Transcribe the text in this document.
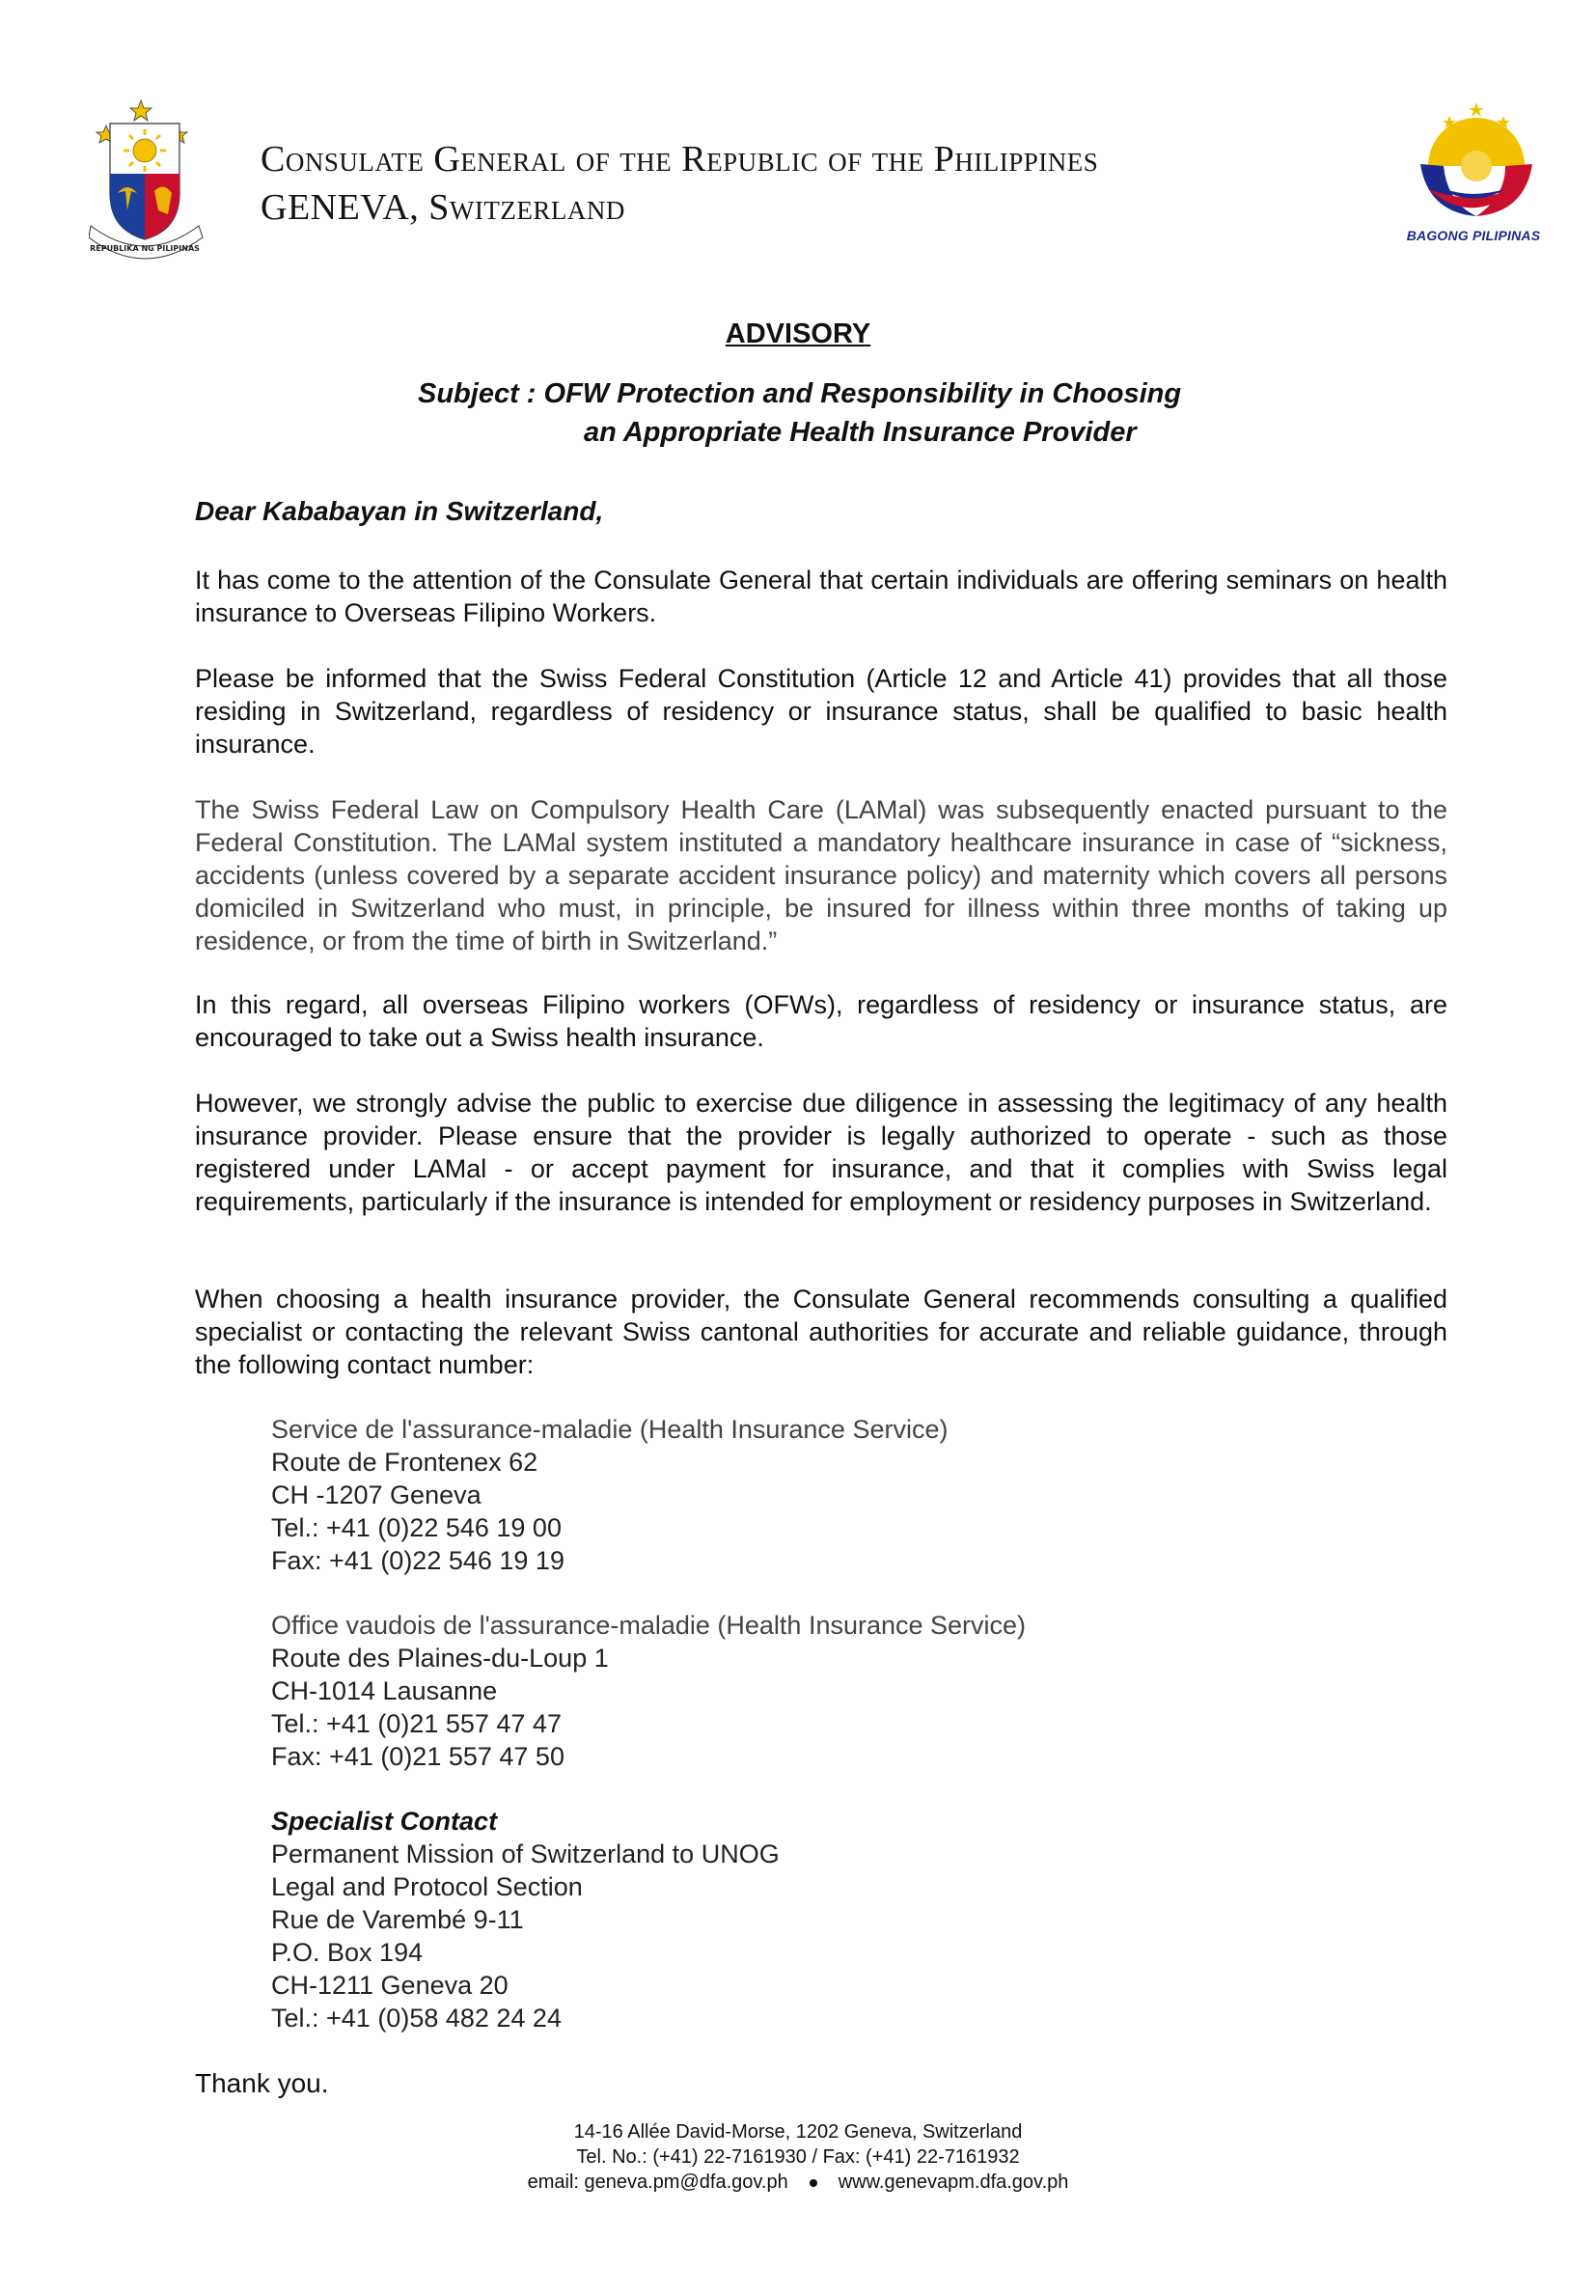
REPUBLIKA NG PILIPINAS
Consulate General of the Republic of the Philippines
GENEVA, Switzerland
BAGONG PILIPINAS
ADVISORY
Subject : OFW Protection and Responsibility in Choosing
an Appropriate Health Insurance Provider
Dear Kababayan in Switzerland,
It has come to the attention of the Consulate General that certain individuals are offering seminars on health insurance to Overseas Filipino Workers.
Please be informed that the Swiss Federal Constitution (Article 12 and Article 41) provides that all those residing in Switzerland, regardless of residency or insurance status, shall be qualified to basic health insurance.
The Swiss Federal Law on Compulsory Health Care (LAMal) was subsequently enacted pursuant to the Federal Constitution. The LAMal system instituted a mandatory healthcare insurance in case of “sickness, accidents (unless covered by a separate accident insurance policy) and maternity which covers all persons domiciled in Switzerland who must, in principle, be insured for illness within three months of taking up residence, or from the time of birth in Switzerland.”
In this regard, all overseas Filipino workers (OFWs), regardless of residency or insurance status, are encouraged to take out a Swiss health insurance.
However, we strongly advise the public to exercise due diligence in assessing the legitimacy of any health insurance provider. Please ensure that the provider is legally authorized to operate - such as those registered under LAMal - or accept payment for insurance, and that it complies with Swiss legal requirements, particularly if the insurance is intended for employment or residency purposes in Switzerland.
When choosing a health insurance provider, the Consulate General recommends consulting a qualified specialist or contacting the relevant Swiss cantonal authorities for accurate and reliable guidance, through the following contact number:
Service de l'assurance-maladie (Health Insurance Service)
Route de Frontenex 62
CH -1207 Geneva
Tel.: +41 (0)22 546 19 00
Fax: +41 (0)22 546 19 19
Office vaudois de l'assurance-maladie (Health Insurance Service)
Route des Plaines-du-Loup 1
CH-1014 Lausanne
Tel.: +41 (0)21 557 47 47
Fax: +41 (0)21 557 47 50
Specialist Contact
Permanent Mission of Switzerland to UNOG
Legal and Protocol Section
Rue de Varembé 9-11
P.O. Box 194
CH-1211 Geneva 20
Tel.: +41 (0)58 482 24 24
Thank you.
14-16 Allée David-Morse, 1202 Geneva, Switzerland
Tel. No.: (+41) 22-7161930 / Fax: (+41) 22-7161932
email: geneva.pm@dfa.gov.ph	www.genevapm.dfa.gov.ph
